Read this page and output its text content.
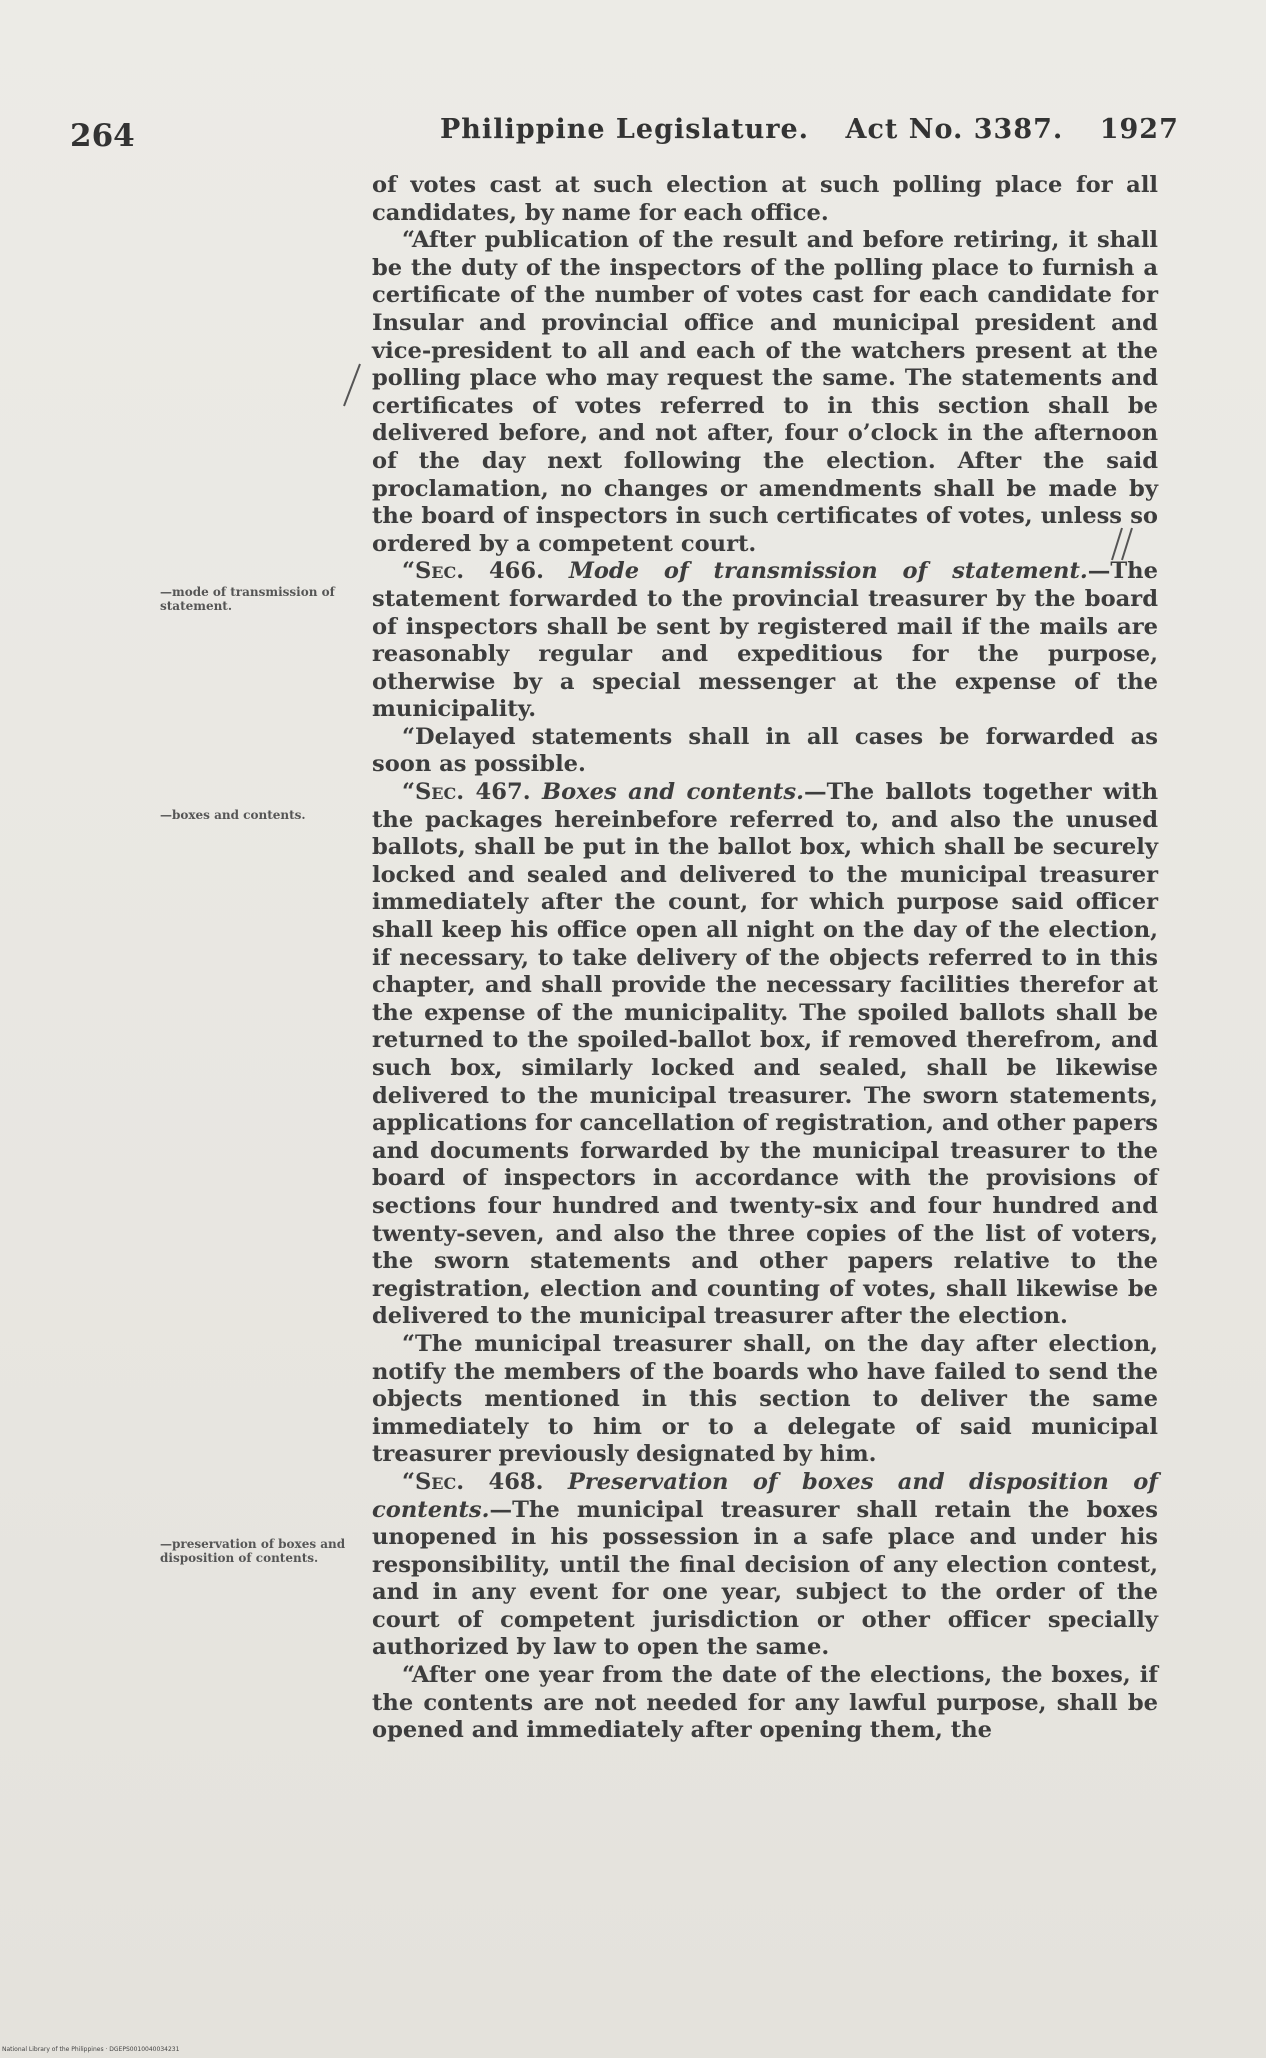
264	Philippine Legislature. Act No. 3387. 1927

of votes cast at such election at such polling place for all candidates, by name for each office.

“After publication of the result and before retiring, it shall be the duty of the inspectors of the polling place to furnish a certificate of the number of votes cast for each candidate for Insular and provincial office and municipal president and vice-president to all and each of the watchers present at the polling place who may request the same. The statements and certificates of votes referred to in this section shall be delivered before, and not after, four o’clock in the afternoon of the day next following the election. After the said proclamation, no changes or amendments shall be made by the board of inspectors in such certificates of votes, unless so ordered by a competent court.

“Sec. 466. Mode of transmission of statement.—The statement forwarded to the provincial treasurer by the board of inspectors shall be sent by registered mail if the mails are reasonably regular and expeditious for the purpose, otherwise by a special messenger at the expense of the municipality.

“Delayed statements shall in all cases be forwarded as soon as possible.

“Sec. 467. Boxes and contents.—The ballots together with the packages hereinbefore referred to, and also the unused ballots, shall be put in the ballot box, which shall be securely locked and sealed and delivered to the municipal treasurer immediately after the count, for which purpose said officer shall keep his office open all night on the day of the election, if necessary, to take delivery of the objects referred to in this chapter, and shall provide the necessary facilities therefor at the expense of the municipality. The spoiled ballots shall be returned to the spoiled-ballot box, if removed therefrom, and such box, similarly locked and sealed, shall be likewise delivered to the municipal treasurer. The sworn statements, applications for cancellation of registration, and other papers and documents forwarded by the municipal treasurer to the board of inspectors in accordance with the provisions of sections four hundred and twenty-six and four hundred and twenty-seven, and also the three copies of the list of voters, the sworn statements and other papers relative to the registration, election and counting of votes, shall likewise be delivered to the municipal treasurer after the election.

“The municipal treasurer shall, on the day after election, notify the members of the boards who have failed to send the objects mentioned in this section to deliver the same immediately to him or to a delegate of said municipal treasurer previously designated by him.

“Sec. 468. Preservation of boxes and disposition of contents.—The municipal treasurer shall retain the boxes unopened in his possession in a safe place and under his responsibility, until the final decision of any election contest, and in any event for one year, subject to the order of the court of competent jurisdiction or other officer specially authorized by law to open the same.

“After one year from the date of the elections, the boxes, if the contents are not needed for any lawful purpose, shall be opened and immediately after opening them, the

—mode of transmission of statement.
—boxes and contents.
—preservation of boxes and disposition of contents.
National Library of the Philippines · DGEPS0010040034231
